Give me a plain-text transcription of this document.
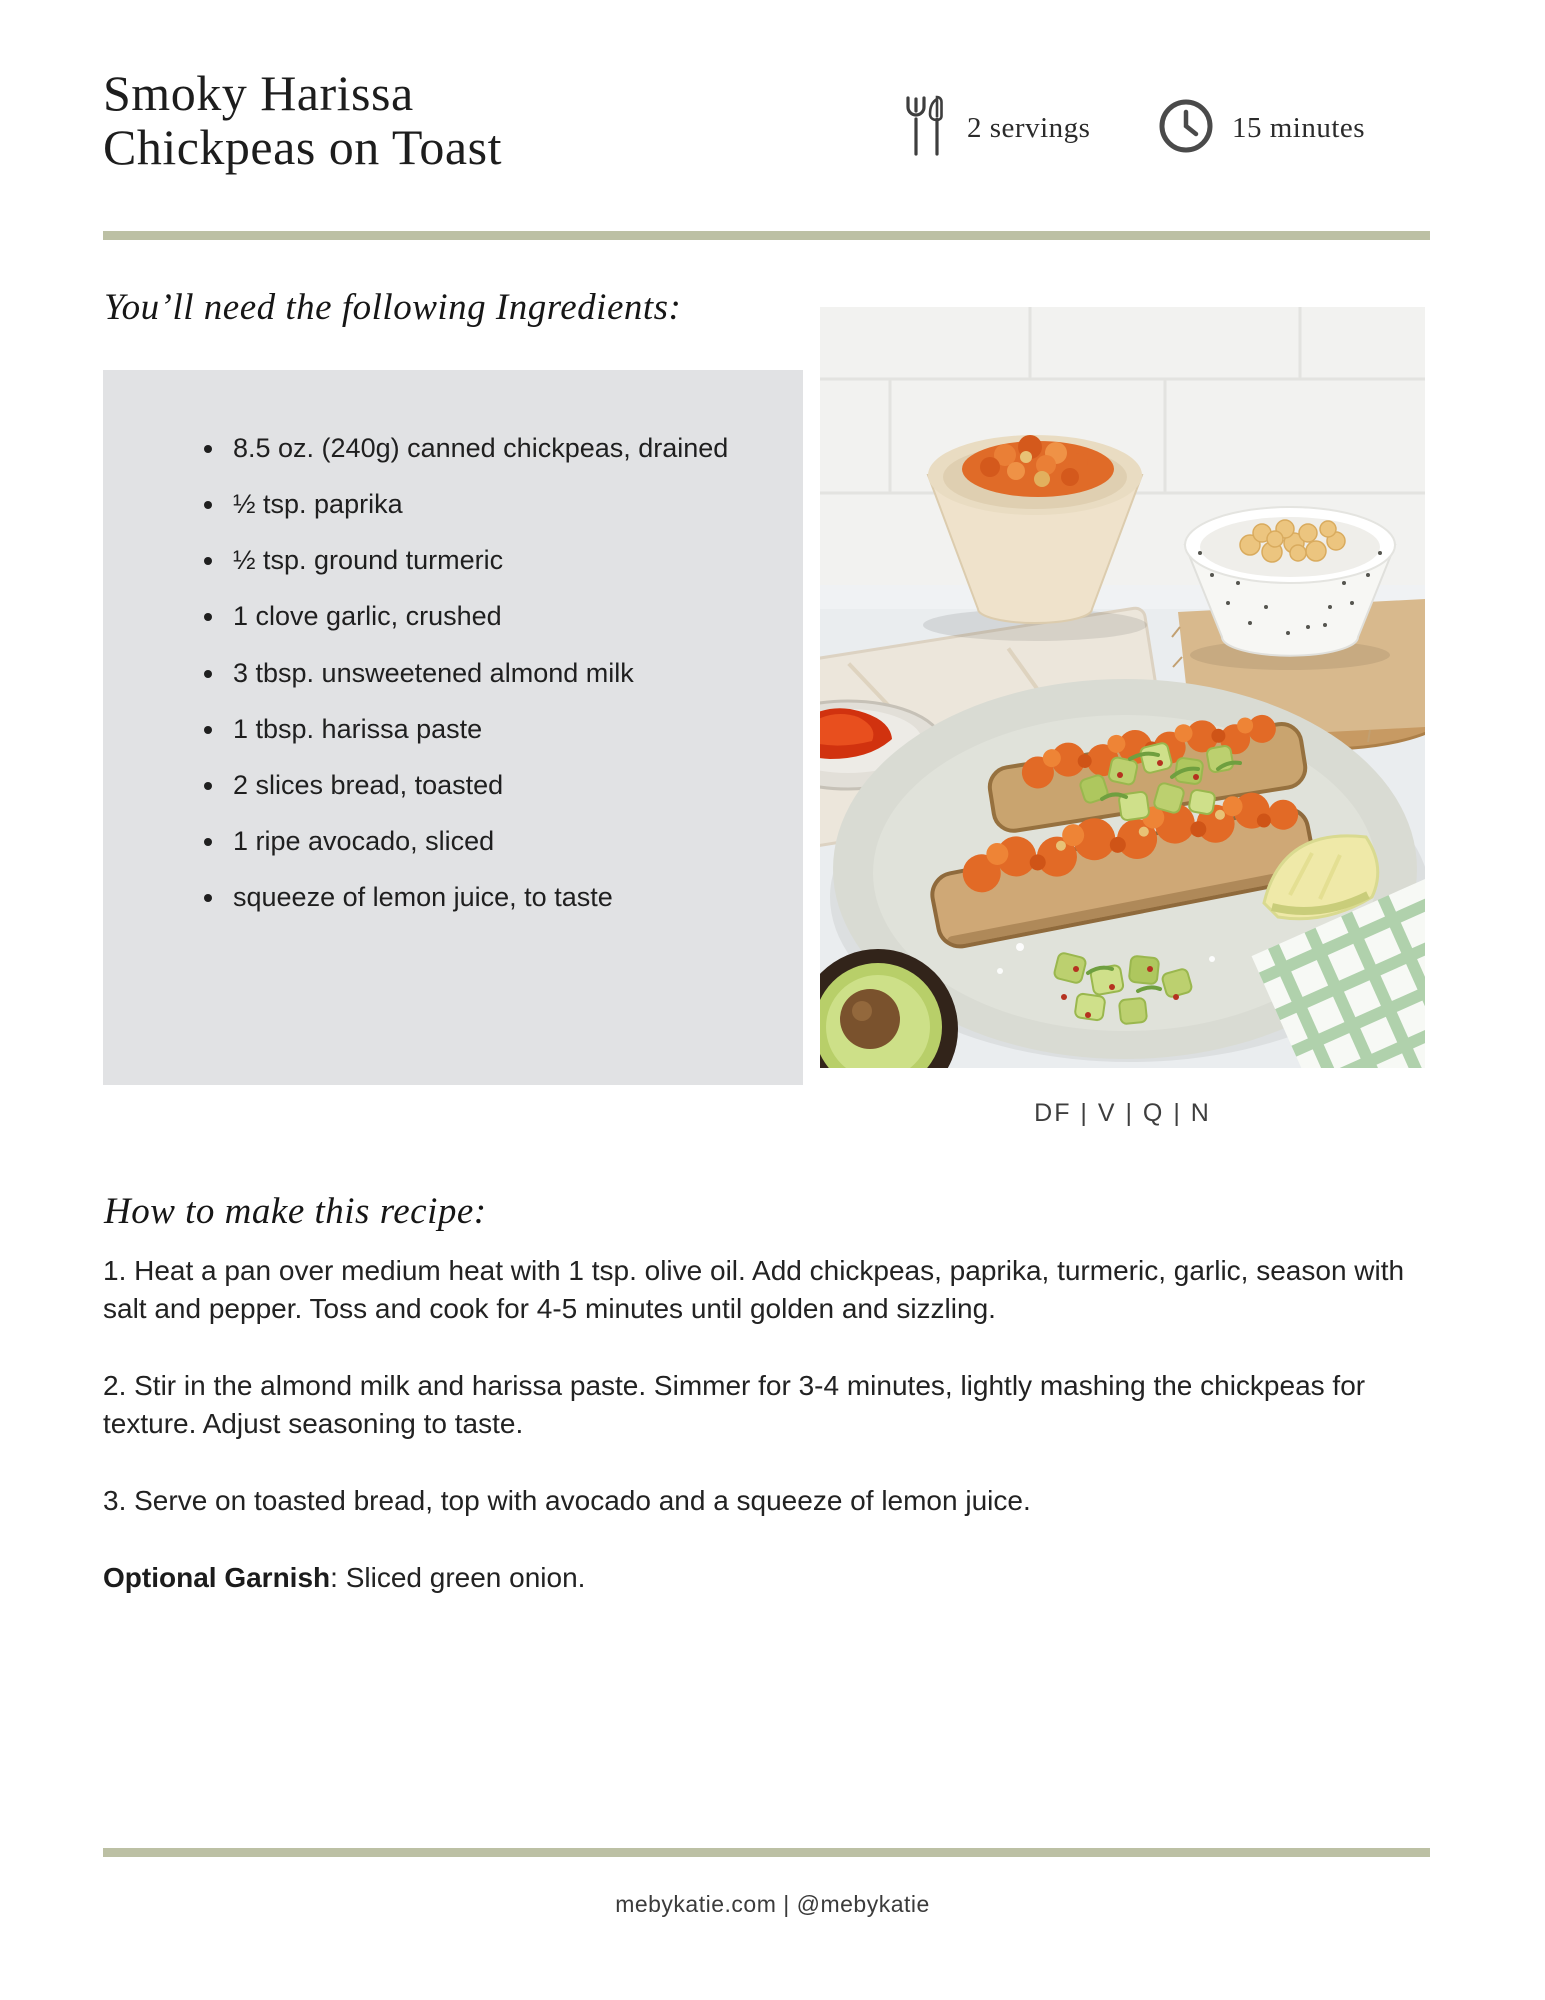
Smoky Harissa
Chickpeas on Toast	2 servings	15 minutes
You’ll need the following Ingredients:
• 8.5 oz. (240g) canned chickpeas, drained
• ½ tsp. paprika
• ½ tsp. ground turmeric
• 1 clove garlic, crushed
• 3 tbsp. unsweetened almond milk
• 1 tbsp. harissa paste
• 2 slices bread, toasted
• 1 ripe avocado, sliced
• squeeze of lemon juice, to taste
DF | V | Q | N
How to make this recipe:

1. Heat a pan over medium heat with 1 tsp. olive oil. Add chickpeas, paprika, turmeric, garlic, season with salt and pepper. Toss and cook for 4-5 minutes until golden and sizzling.

2. Stir in the almond milk and harissa paste. Simmer for 3-4 minutes, lightly mashing the chickpeas for texture. Adjust seasoning to taste.

3. Serve on toasted bread, top with avocado and a squeeze of lemon juice.

Optional Garnish: Sliced green onion.

mebykatie.com | @mebykatie
